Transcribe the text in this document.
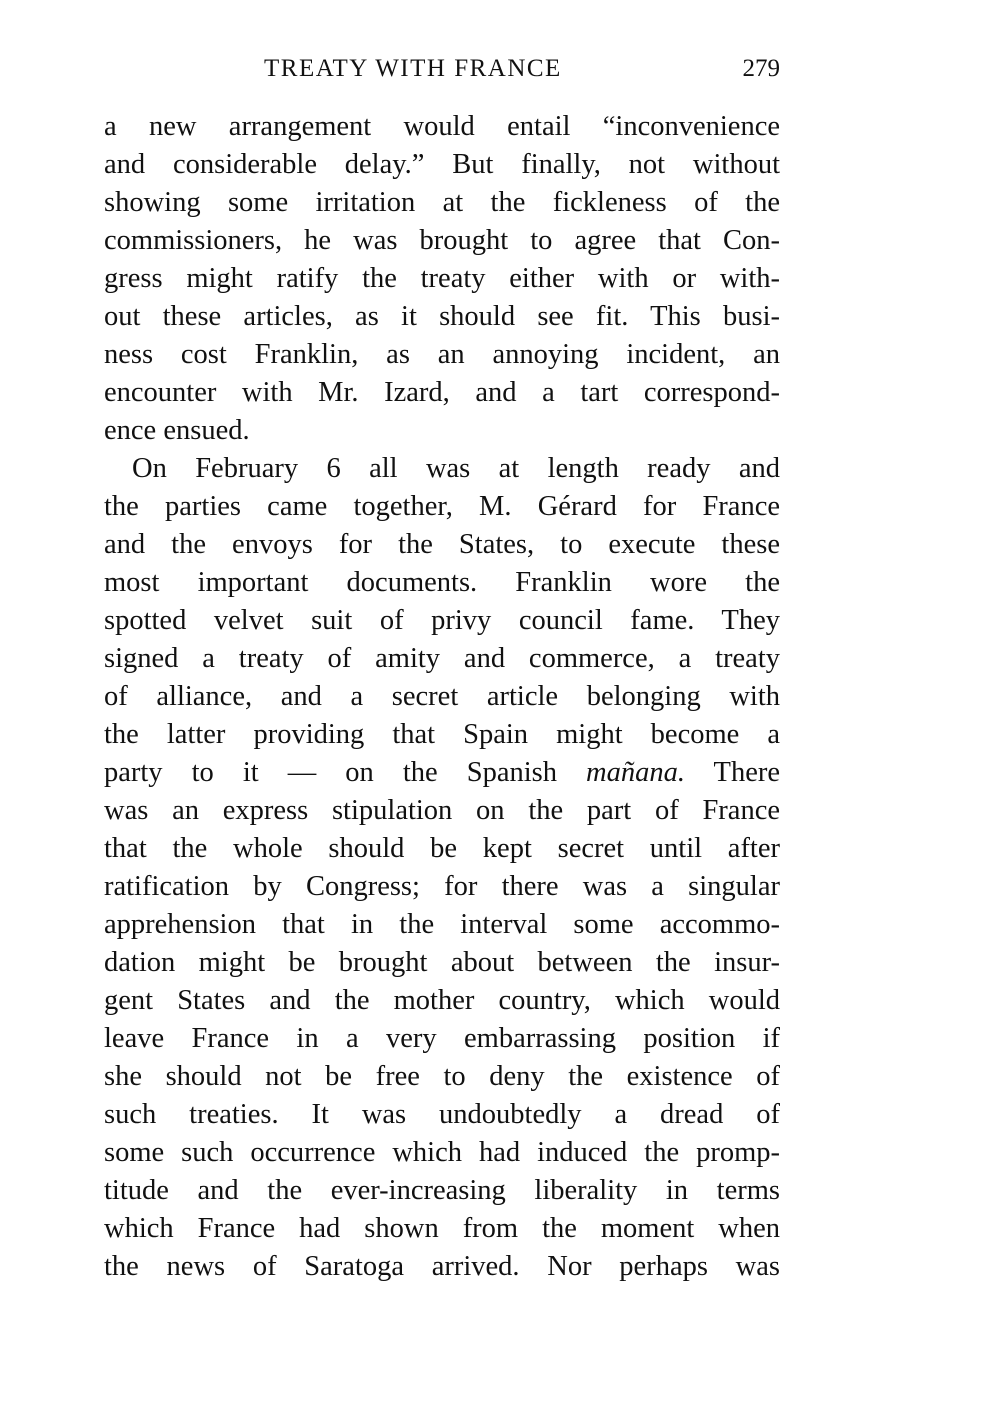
TREATY WITH FRANCE	279
a new arrangement would entail “inconvenience
and considerable delay.” But finally, not without
showing some irritation at the fickleness of the
commissioners, he was brought to agree that Con-
gress might ratify the treaty either with or with-
out these articles, as it should see fit. This busi-
ness cost Franklin, as an annoying incident, an
encounter with Mr. Izard, and a tart correspond-
ence ensued.
On February 6 all was at length ready and
the parties came together, M. Gérard for France
and the envoys for the States, to execute these
most important documents. Franklin wore the
spotted velvet suit of privy council fame. They
signed a treaty of amity and commerce, a treaty
of alliance, and a secret article belonging with
the latter providing that Spain might become a
party to it — on the Spanish mañana. There
was an express stipulation on the part of France
that the whole should be kept secret until after
ratification by Congress; for there was a singular
apprehension that in the interval some accommo-
dation might be brought about between the insur-
gent States and the mother country, which would
leave France in a very embarrassing position if
she should not be free to deny the existence of
such treaties. It was undoubtedly a dread of
some such occurrence which had induced the promp-
titude and the ever-increasing liberality in terms
which France had shown from the moment when
the news of Saratoga arrived. Nor perhaps was
